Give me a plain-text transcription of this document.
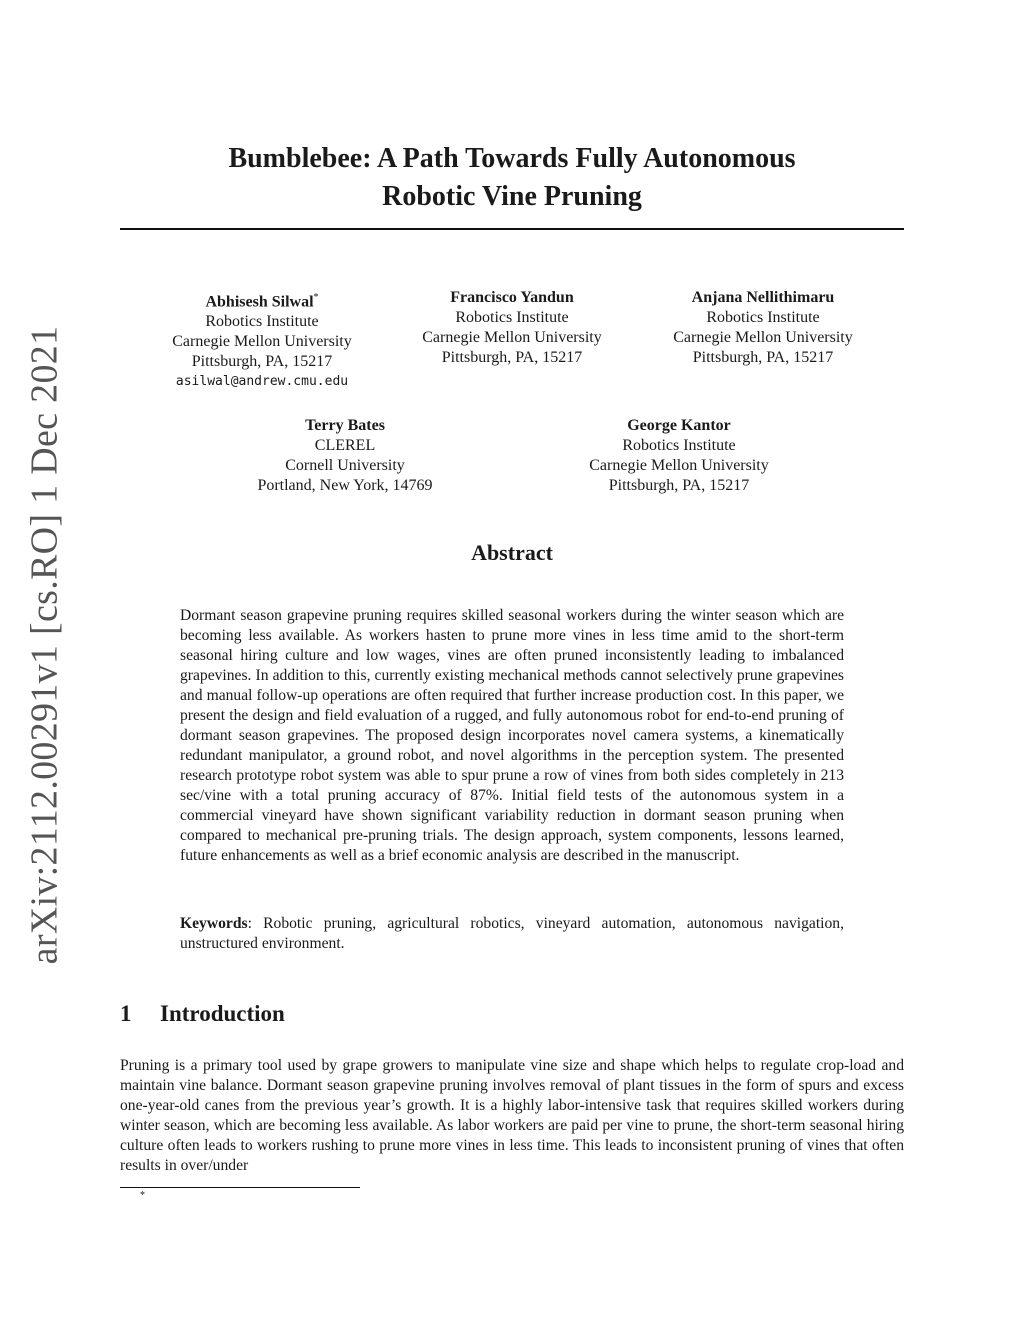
arXiv:2112.00291v1 [cs.RO] 1 Dec 2021
Bumblebee: A Path Towards Fully Autonomous
Robotic Vine Pruning
Abhisesh Silwal*
Robotics Institute
Carnegie Mellon University
Pittsburgh, PA, 15217
asilwal@andrew.cmu.edu
Francisco Yandun
Robotics Institute
Carnegie Mellon University
Pittsburgh, PA, 15217
Anjana Nellithimaru
Robotics Institute
Carnegie Mellon University
Pittsburgh, PA, 15217
Terry Bates
CLEREL
Cornell University
Portland, New York, 14769
George Kantor
Robotics Institute
Carnegie Mellon University
Pittsburgh, PA, 15217
Abstract

Dormant season grapevine pruning requires skilled seasonal workers during the winter season which are becoming less available. As workers hasten to prune more vines in less time amid to the short-term seasonal hiring culture and low wages, vines are often pruned inconsistently leading to imbalanced grapevines. In addition to this, currently existing mechanical methods cannot selectively prune grapevines and manual follow-up operations are often required that further increase production cost. In this paper, we present the design and field evaluation of a rugged, and fully autonomous robot for end-to-end pruning of dormant season grapevines. The proposed design incorporates novel camera systems, a kinematically redundant manipulator, a ground robot, and novel algorithms in the perception system. The presented research prototype robot system was able to spur prune a row of vines from both sides completely in 213 sec/vine with a total pruning accuracy of 87%. Initial field tests of the autonomous system in a commercial vineyard have shown significant variability reduction in dormant season pruning when compared to mechanical pre-pruning trials. The design approach, system components, lessons learned, future enhancements as well as a brief economic analysis are described in the manuscript.

Keywords: Robotic pruning, agricultural robotics, vineyard automation, autonomous navigation, unstructured environment.

1 Introduction

Pruning is a primary tool used by grape growers to manipulate vine size and shape which helps to regulate crop-load and maintain vine balance. Dormant season grapevine pruning involves removal of plant tissues in the form of spurs and excess one-year-old canes from the previous year’s growth. It is a highly labor-intensive task that requires skilled workers during winter season, which are becoming less available. As labor workers are paid per vine to prune, the short-term seasonal hiring culture often leads to workers rushing to prune more vines in less time. This leads to inconsistent pruning of vines that often results in over/under

*
